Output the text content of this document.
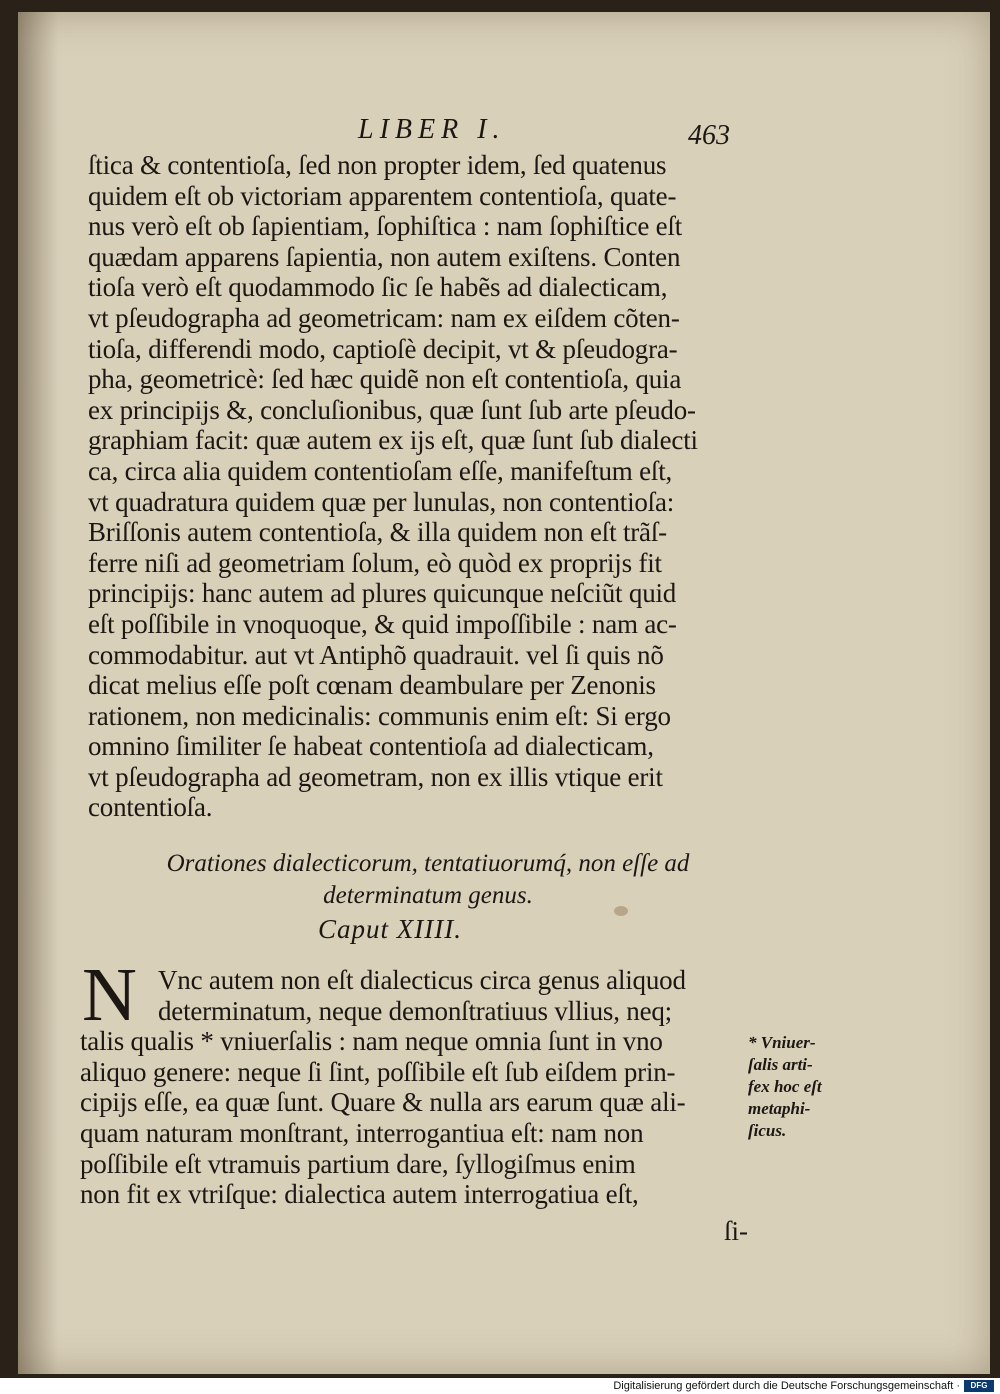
LIBER I.	463
ſtica & contentioſa, ſed non propter idem, ſed quatenus
quidem eſt ob victoriam apparentem contentioſa, quate-
nus verò eſt ob ſapientiam, ſophiſtica : nam ſophiſtice eſt
quædam apparens ſapientia, non autem exiſtens. Conten
tioſa verò eſt quodammodo ſic ſe habẽs ad dialecticam,
vt pſeudographa ad geometricam: nam ex eiſdem cõten-
tioſa, differendi modo, captioſè decipit, vt & pſeudogra-
pha, geometricè: ſed hæc quidẽ non eſt contentioſa, quia
ex principijs &, concluſionibus, quæ ſunt ſub arte pſeudo-
graphiam facit: quæ autem ex ijs eſt, quæ ſunt ſub dialecti
ca, circa alia quidem contentioſam eſſe, manifeſtum eſt,
vt quadratura quidem quæ per lunulas, non contentioſa:
Briſſonis autem contentioſa, & illa quidem non eſt trãſ-
ferre niſi ad geometriam ſolum, eò quòd ex proprijs fit
principijs: hanc autem ad plures quicunque neſciũt quid
eſt poſſibile in vnoquoque, & quid impoſſibile : nam ac-
commodabitur. aut vt Antiphõ quadrauit. vel ſi quis nõ
dicat melius eſſe poſt cœnam deambulare per Zenonis
rationem, non medicinalis: communis enim eſt: Si ergo
omnino ſimiliter ſe habeat contentioſa ad dialecticam,
vt pſeudographa ad geometram, non ex illis vtique erit
contentioſa.
Orationes dialecticorum, tentatiuorumq́, non eſſe ad
determinatum genus.
Caput XIIII.
N Vnc autem non eſt dialecticus circa genus aliquod
determinatum, neque demonſtratiuus vllius, neq;
talis qualis * vniuerſalis : nam neque omnia ſunt in vno
aliquo genere: neque ſi ſint, poſſibile eſt ſub eiſdem prin-
cipijs eſſe, ea quæ ſunt. Quare & nulla ars earum quæ ali-
quam naturam monſtrant, interrogantiua eſt: nam non
poſſibile eſt vtramuis partium dare, ſyllogiſmus enim
non fit ex vtriſque: dialectica autem interrogatiua eſt,
* Vniuer-
ſalis arti-
fex hoc eſt
metaphi-
ſicus.
ſi-
Digitalisierung gefördert durch die Deutsche Forschungsgemeinschaft ·	DFG
